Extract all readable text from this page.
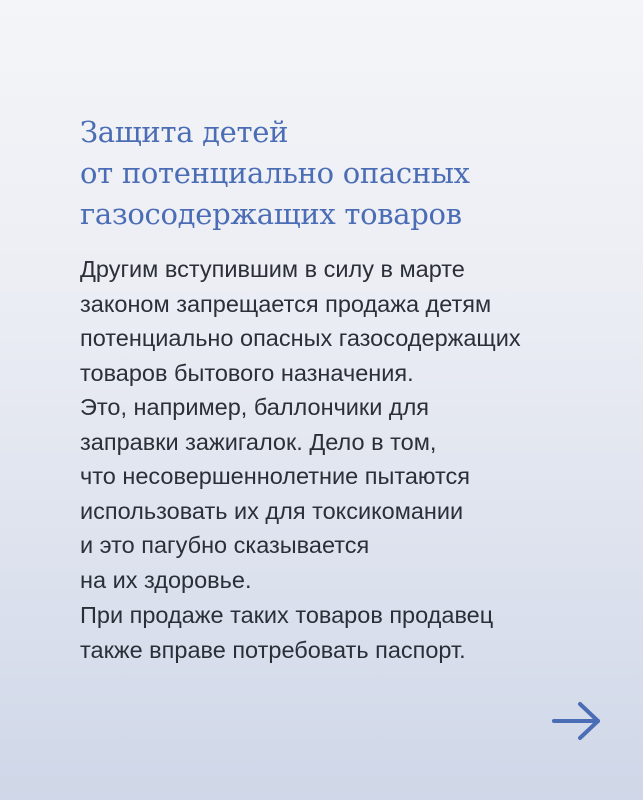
Защита детей
от потенциально опасных
газосодержащих товаров

Другим вступившим в силу в марте
законом запрещается продажа детям
потенциально опасных газосодержащих
товаров бытового назначения.
Это, например, баллончики для
заправки зажигалок. Дело в том,
что несовершеннолетние пытаются
использовать их для токсикомании
и это пагубно сказывается
на их здоровье.

При продаже таких товаров продавец
также вправе потребовать паспорт.
